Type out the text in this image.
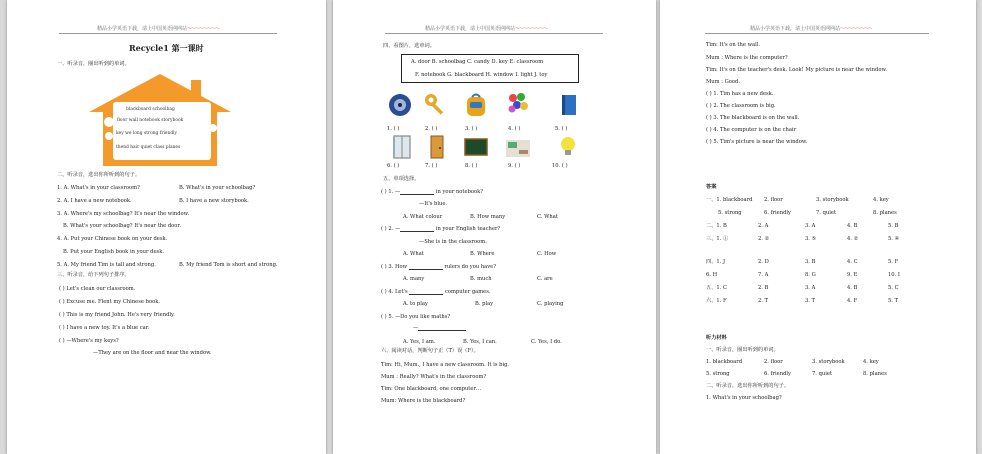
精品小学英语下载，请上中国英语网网站〜〜〜〜〜〜〜〜
Recycle1 第一课时
一、听录音，圈出听到的单词。
blackboard schoolbag
floor wall notebook storybook
key we long strong friendly
thend hair quiet class planes
二、听录音，选出你所听到的句子。
1. A. What's in your classroom?	B. What's in your schoolbag?
2. A. I have a new notebook.	B. I have a new storybook.
3. A. Where's my schoolbag? It's near the window.
B. What's your schoolbag? It's near the door.
4. A. Put your Chinese book on your desk.
B. Put your English book in your desk.
5. A. My friend Tim is tall and strong.	B. My friend Tom is short and strong.
三、听录音，给下列句子排序。
( ) Let's clean our classroom.
( ) Excuse me. Flent my Chinese book.
( ) This is my friend John. He's very friendly.
( ) I have a new toy. It's a blue car.
( ) —Where's my keys?
—They are on the floor and near the window.
精品小学英语下载，请上中国英语网网站〜〜〜〜〜〜〜〜
四、看图片，选单词。
A. door B. schoolbag C. candy D. key E. classroom
F. notebook G. blackboard H. window I. light J. toy
1. ( )	2. ( )	3. ( )	4. ( )	5. ( )
6. ( )	7. ( )	8. ( )	9. ( )	10. ( )
五、单项选择。
( ) 1. —	in your notebook?
—It's blue.
A. What colour	B. How many	C. What
( ) 2. —	in your English teacher?
—She is in the classroom.
A. What	B. Where	C. How
( ) 3. How	rulers do you have?
A. many	B. much	C. are
( ) 4. Let's	computer games.
A. to play	B. play	C. playing
( ) 5. —Do you like maths?
—
A. Yes, I am.	B. Yes, I can.	C. Yes, I do.
六、阅读对话，判断句子正（T）误（F）。
Tim: Hi, Mum., I have a new classroom. It is big.
Mum : Really? What's in the classroom?
Tim: One blackboard, one computer…
Mum: Where is the blackboard?
精品小学英语下载，请上中国英语网网站〜〜〜〜〜〜〜〜
Tim: It's on the wall.
Mum : Where is the computer?
Tim: It's on the teacher's desk. Look! My picture is near the window.
Mum : Good.
( ) 1. Tim has a new desk.
( ) 2. The classroom is big.
( ) 3. The blackboard is on the wall.
( ) 4. The computer is on the chair
( ) 5. Tim's picture is near the window.
答案
听力材料
一、听录音，圈出听到的单词。
1. blackboard	2. floor	3. storybook	4. key
5. strong	6. friendly	7. quiet	8. planes
二、听录音，选出你所听到的句子。
1. What's in your schoolbag?
一、1. blackboard 2. floor	3. storybook	4. key
5. strong	6. friendly	7. quiet	8. planes
二、1. B	2. A	3. A	4. B	5. B
三、1. ①	2. ②	3. ⑤	4. ②	5. ④
四、1. J	2. D	3. B	4. C	5. F
6. H	7. A	8. G	9. E	10. I
五、1. C	2. B	3. A	4. B	5. C
六、1. F	2. T	3. T	4. F	5. T
